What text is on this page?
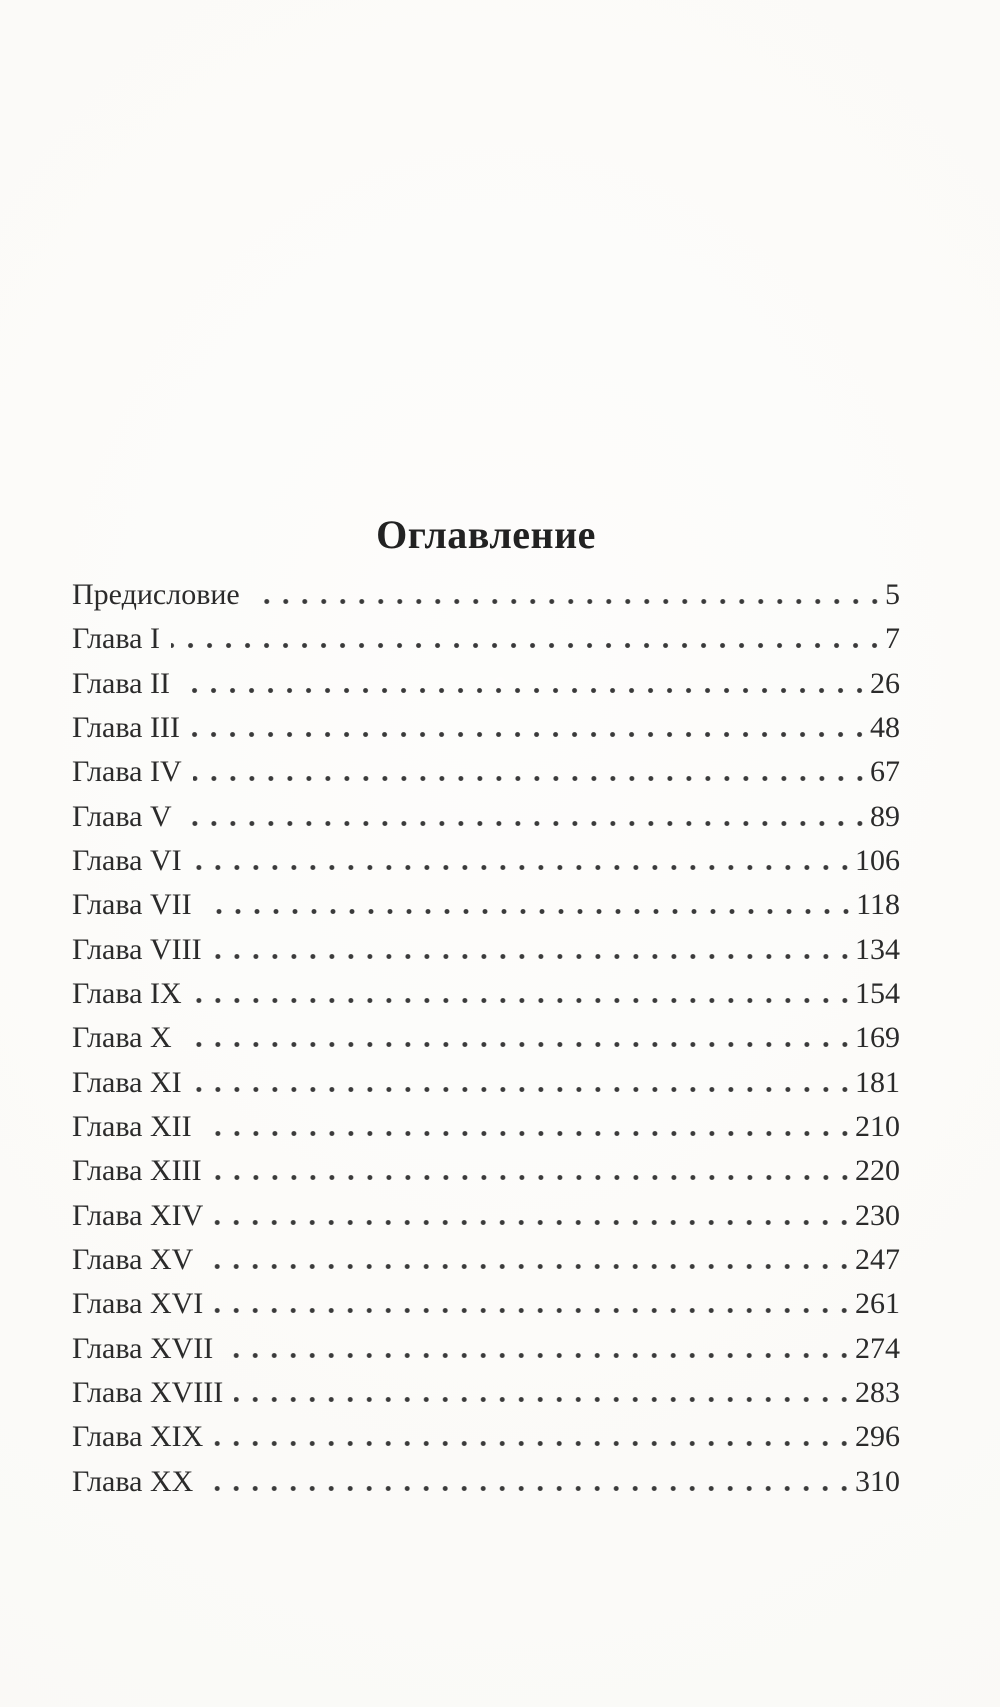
Оглавление
Предисловие	5
Глава I	7
Глава II	26
Глава III	48
Глава IV	67
Глава V	89
Глава VI	106
Глава VII	118
Глава VIII	134
Глава IX	154
Глава X	169
Глава XI	181
Глава XII	210
Глава XIII	220
Глава XIV	230
Глава XV	247
Глава XVI	261
Глава XVII	274
Глава XVIII	283
Глава XIX	296
Глава XX	310
